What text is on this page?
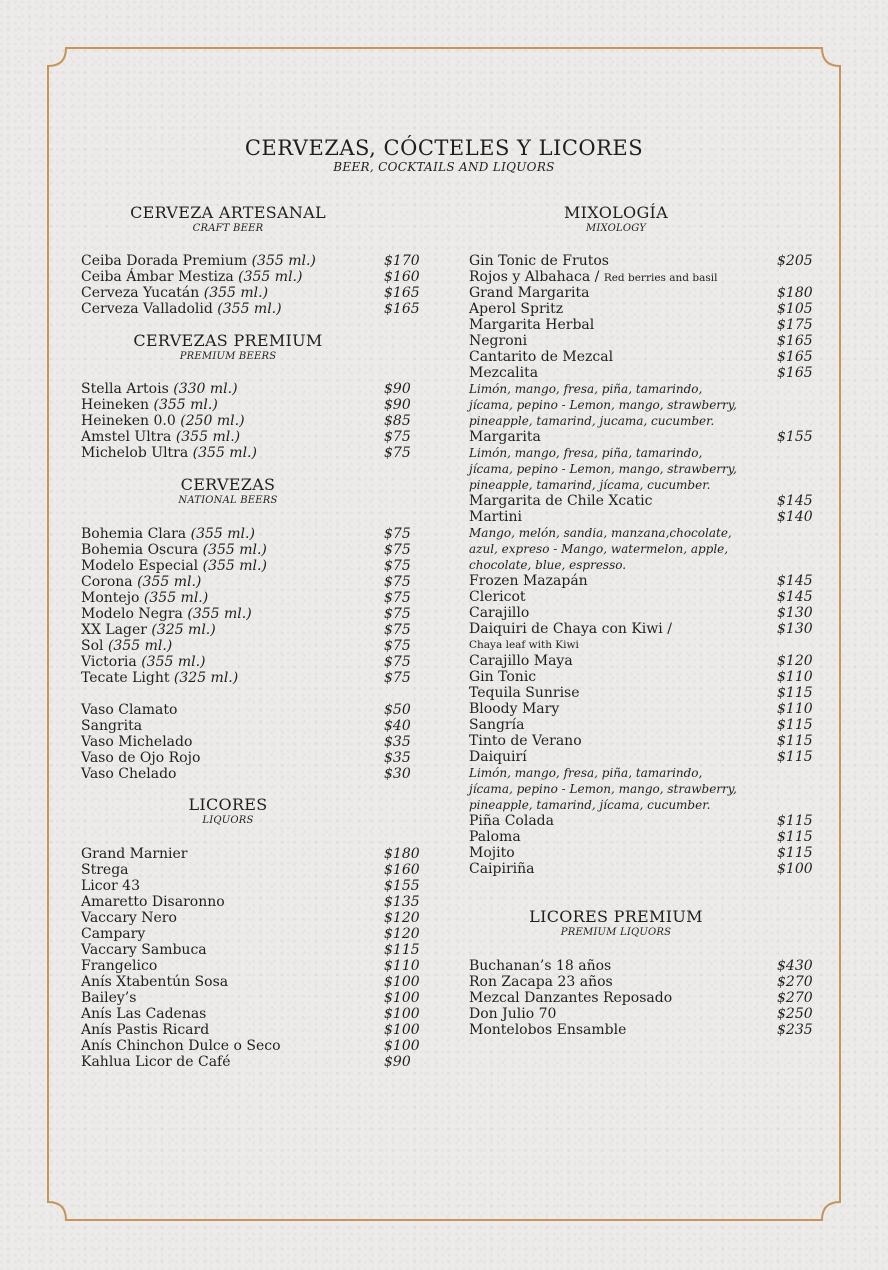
CERVEZAS, CÓCTELES Y LICORES
BEER, COCKTAILS AND LIQUORS
CERVEZA ARTESANAL
CRAFT BEER
CERVEZAS PREMIUM
PREMIUM BEERS
CERVEZAS
NATIONAL BEERS
LICORES
LIQUORS
MIXOLOGÍA
MIXOLOGY
LICORES PREMIUM
PREMIUM LIQUORS
Ceiba Dorada Premium (355 ml.)	$170
Ceiba Ámbar Mestiza (355 ml.)	$160
Cerveza Yucatán (355 ml.)	$165
Cerveza Valladolid (355 ml.)	$165
Stella Artois (330 ml.)	$90
Heineken (355 ml.)	$90
Heineken 0.0 (250 ml.)	$85
Amstel Ultra (355 ml.)	$75
Michelob Ultra (355 ml.)	$75
Bohemia Clara (355 ml.)	$75
Bohemia Oscura (355 ml.)	$75
Modelo Especial (355 ml.)	$75
Corona (355 ml.)	$75
Montejo (355 ml.)	$75
Modelo Negra (355 ml.)	$75
XX Lager (325 ml.)	$75
Sol (355 ml.)	$75
Victoria (355 ml.)	$75
Tecate Light (325 ml.)	$75
Vaso Clamato	$50
Sangrita	$40
Vaso Michelado	$35
Vaso de Ojo Rojo	$35
Vaso Chelado	$30
Grand Marnier	$180
Strega	$160
Licor 43	$155
Amaretto Disaronno	$135
Vaccary Nero	$120
Campary	$120
Vaccary Sambuca	$115
Frangelico	$110
Anís Xtabentún Sosa	$100
Bailey’s	$100
Anís Las Cadenas	$100
Anís Pastis Ricard	$100
Anís Chinchon Dulce o Seco	$100
Kahlua Licor de Café	$90
Gin Tonic de Frutos	$205
Rojos y Albahaca / Red berries and basil
Grand Margarita	$180
Aperol Spritz	$105
Margarita Herbal	$175
Negroni	$165
Cantarito de Mezcal	$165
Mezcalita	$165
Limón, mango, fresa, piña, tamarindo,
jícama, pepino - Lemon, mango, strawberry,
pineapple, tamarind, jucama, cucumber.
Margarita	$155
Limón, mango, fresa, piña, tamarindo,
jícama, pepino - Lemon, mango, strawberry,
pineapple, tamarind, jícama, cucumber.
Margarita de Chile Xcatic	$145
Martini	$140
Mango, melón, sandia, manzana,chocolate,
azul, expreso - Mango, watermelon, apple,
chocolate, blue, espresso.
Frozen Mazapán	$145
Clericot	$145
Carajillo	$130
Daiquiri de Chaya con Kiwi /	$130
Chaya leaf with Kiwi
Carajillo Maya	$120
Gin Tonic	$110
Tequila Sunrise	$115
Bloody Mary	$110
Sangría	$115
Tinto de Verano	$115
Daiquirí	$115
Limón, mango, fresa, piña, tamarindo,
jícama, pepino - Lemon, mango, strawberry,
pineapple, tamarind, jícama, cucumber.
Piña Colada	$115
Paloma	$115
Mojito	$115
Caipiriña	$100
Buchanan’s 18 años	$430
Ron Zacapa 23 años	$270
Mezcal Danzantes Reposado	$270
Don Julio 70	$250
Montelobos Ensamble	$235
